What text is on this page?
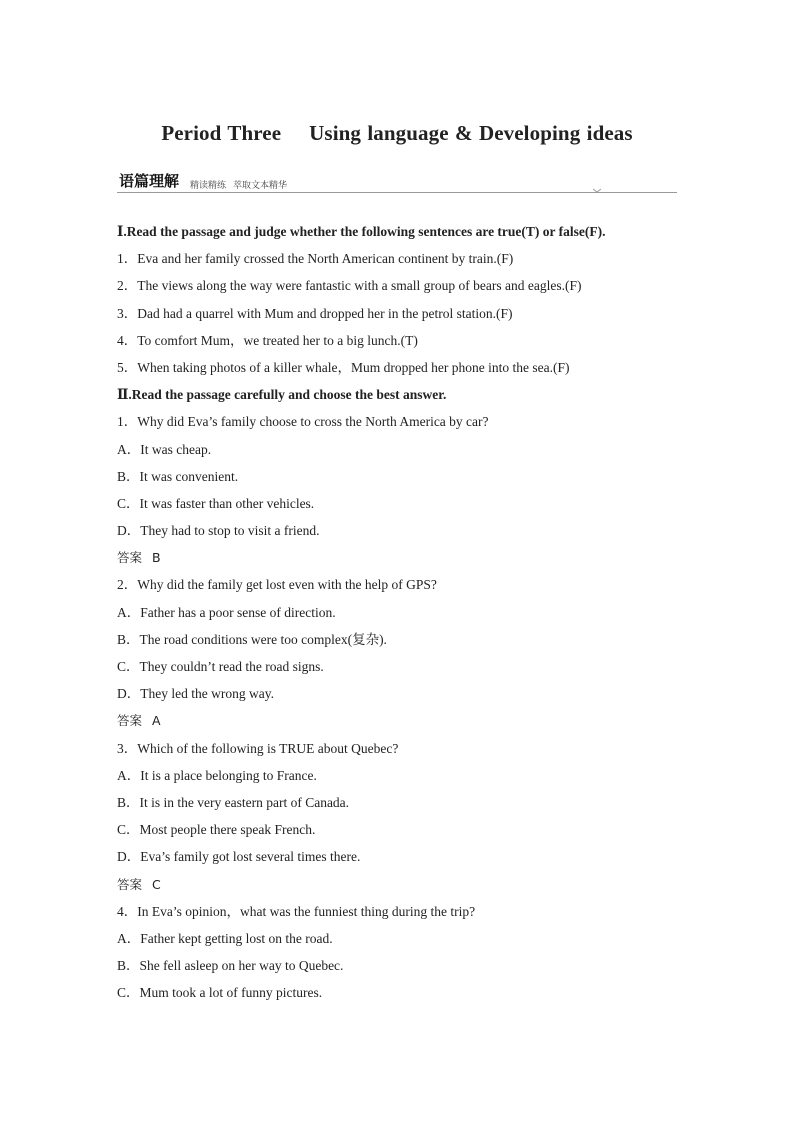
Period Three Using language & Developing ideas
语篇理解 精读精练 萃取文本精华
Ⅰ.Read the passage and judge whether the following sentences are true(T) or false(F).
1．Eva and her family crossed the North American continent by train.(F)
2．The views along the way were fantastic with a small group of bears and eagles.(F)
3．Dad had a quarrel with Mum and dropped her in the petrol station.(F)
4．To comfort Mum，we treated her to a big lunch.(T)
5．When taking photos of a killer whale，Mum dropped her phone into the sea.(F)
Ⅱ.Read the passage carefully and choose the best answer.
1．Why did Eva’s family choose to cross the North America by car?
A．It was cheap.
B．It was convenient.
C．It was faster than other vehicles.
D．They had to stop to visit a friend.
答案 B
2．Why did the family get lost even with the help of GPS?
A．Father has a poor sense of direction.
B．The road conditions were too complex(复杂).
C．They couldn’t read the road signs.
D．They led the wrong way.
答案 A
3．Which of the following is TRUE about Quebec?
A．It is a place belonging to France.
B．It is in the very eastern part of Canada.
C．Most people there speak French.
D．Eva’s family got lost several times there.
答案 C
4．In Eva’s opinion，what was the funniest thing during the trip?
A．Father kept getting lost on the road.
B．She fell asleep on her way to Quebec.
C．Mum took a lot of funny pictures.
